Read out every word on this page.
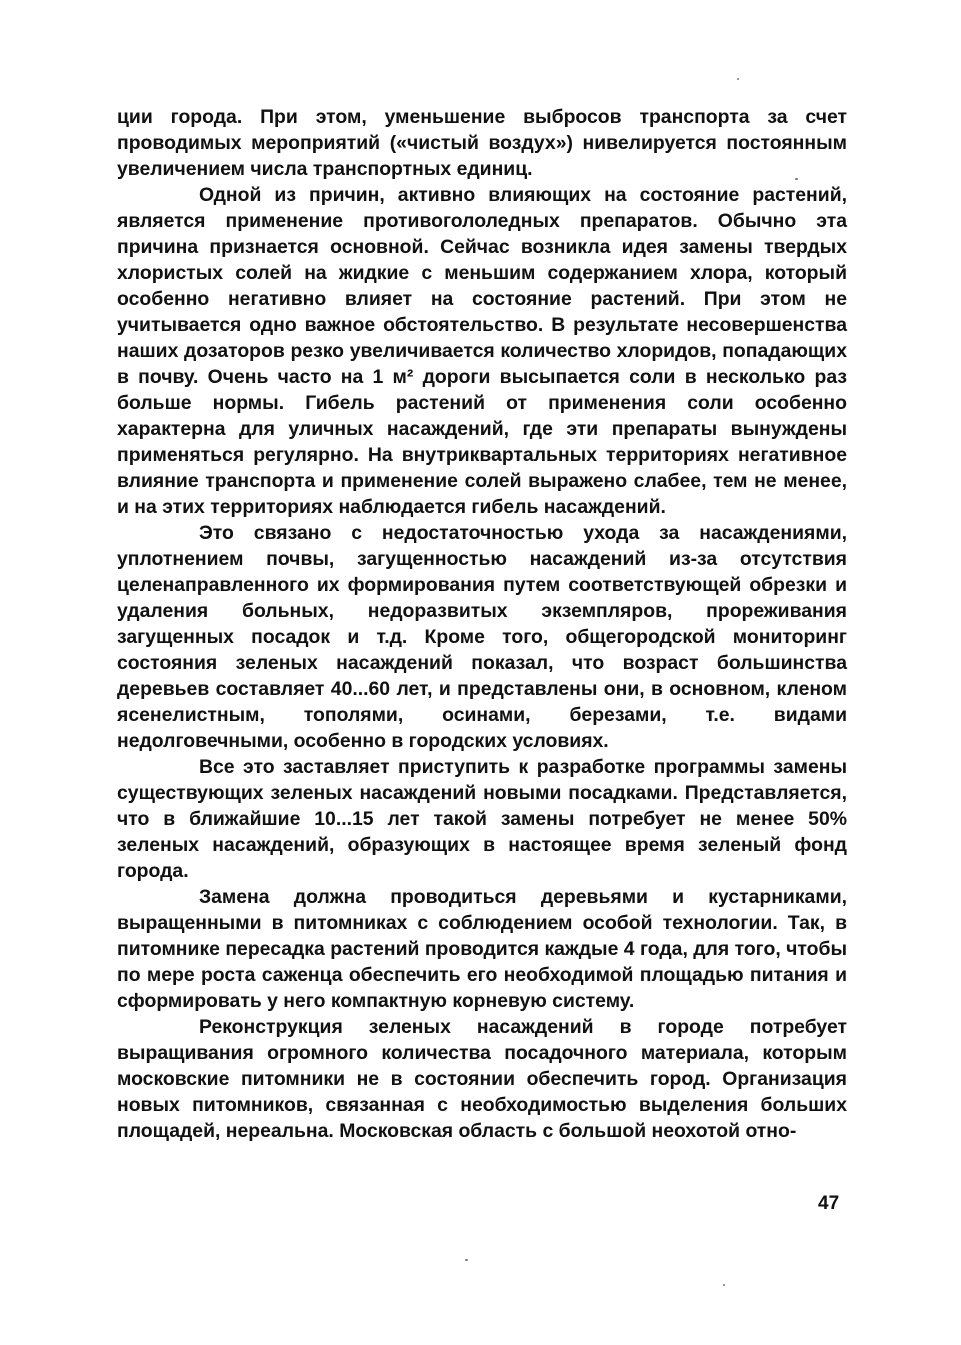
ции города. При этом, уменьшение выбросов транспорта за счет проводимых мероприятий («чистый воздух») нивелируется постоянным увеличением числа транспортных единиц.

Одной из причин, активно влияющих на состояние растений, является применение противогололедных препаратов. Обычно эта причина признается основной. Сейчас возникла идея замены твердых хлористых солей на жидкие с меньшим содержанием хлора, который особенно негативно влияет на состояние растений. При этом не учитывается одно важное обстоятельство. В результате несовершенства наших дозаторов резко увеличивается количество хлоридов, попадающих в почву. Очень часто на 1 м² дороги высыпается соли в несколько раз больше нормы. Гибель растений от применения соли особенно характерна для уличных насаждений, где эти препараты вынуждены применяться регулярно. На внутриквартальных территориях негативное влияние транспорта и применение солей выражено слабее, тем не менее, и на этих территориях наблюдается гибель насаждений.

Это связано с недостаточностью ухода за насаждениями, уплотнением почвы, загущенностью насаждений из-за отсутствия целенаправленного их формирования путем соответствующей обрезки и удаления больных, недоразвитых экземпляров, прореживания загущенных посадок и т.д. Кроме того, общегородской мониторинг состояния зеленых насаждений показал, что возраст большинства деревьев составляет 40...60 лет, и представлены они, в основном, кленом ясенелистным, тополями, осинами, березами, т.е. видами недолговечными, особенно в городских условиях.

Все это заставляет приступить к разработке программы замены существующих зеленых насаждений новыми посадками. Представляется, что в ближайшие 10...15 лет такой замены потребует не менее 50% зеленых насаждений, образующих в настоящее время зеленый фонд города.

Замена должна проводиться деревьями и кустарниками, выращенными в питомниках с соблюдением особой технологии. Так, в питомнике пересадка растений проводится каждые 4 года, для того, чтобы по мере роста саженца обеспечить его необходимой площадью питания и сформировать у него компактную корневую систему.

Реконструкция зеленых насаждений в городе потребует выращивания огромного количества посадочного материала, которым московские питомники не в состоянии обеспечить город. Организация новых питомников, связанная с необходимостью выделения больших площадей, нереальна. Московская область с большой неохотой отно-

47
